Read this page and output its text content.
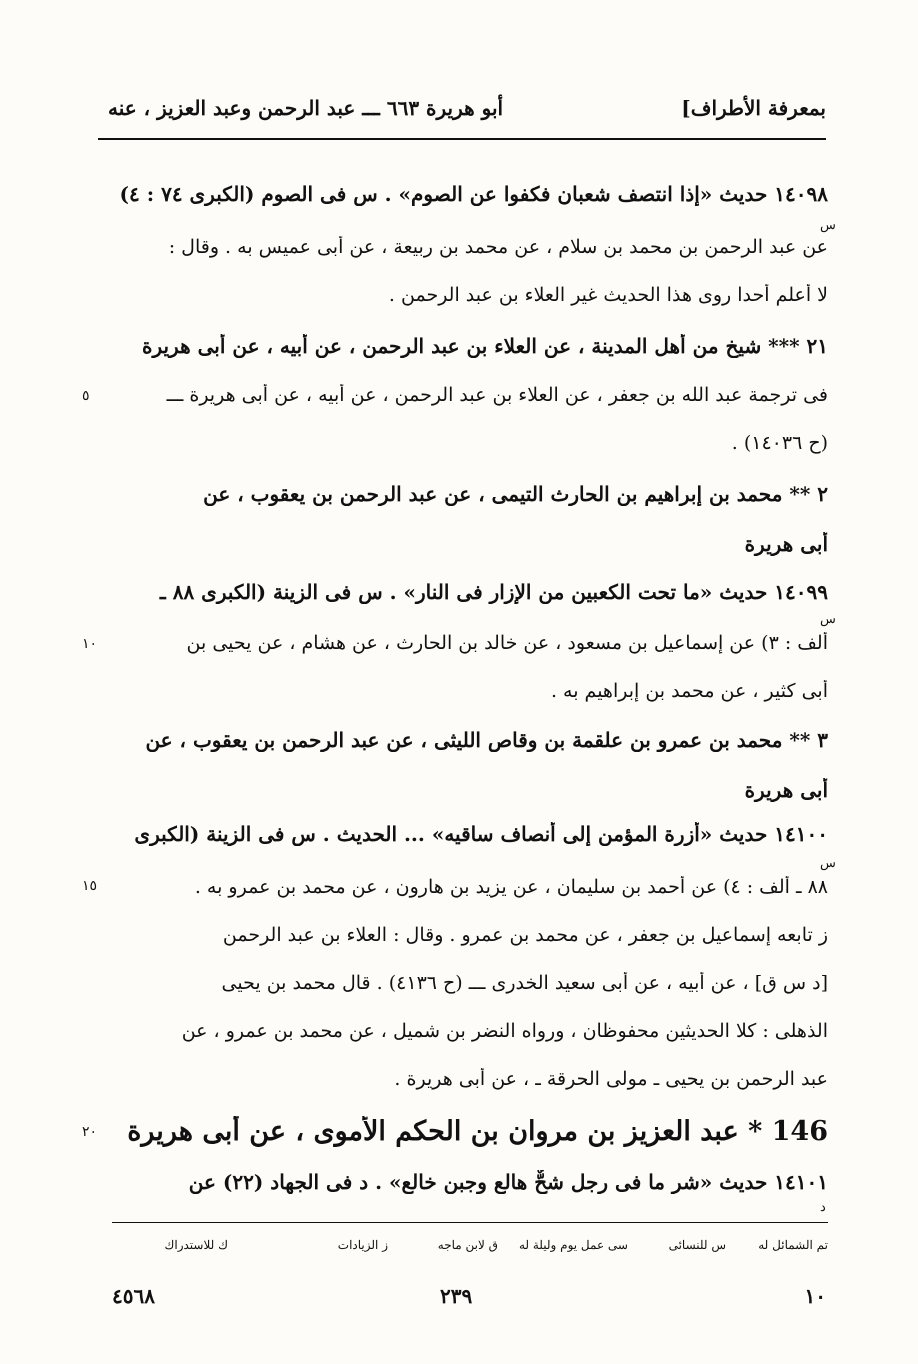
بمعرفة الأطراف]
أبو هريرة ٦٦٣ ـــ عبد الرحمن وعبد العزيز ، عنه
١٤٠٩٨ حديث «إذا انتصف شعبان فكفوا عن الصوم» . س فى الصوم (الكبرى ٧٤ : ٤)
عن عبد الرحمن بن محمد بن سلام ، عن محمد بن ربيعة ، عن أبى عميس به . وقال :
لا أعلم أحدا روى هذا الحديث غير العلاء بن عبد الرحمن .
٢١ *** شيخ من أهل المدينة ، عن العلاء بن عبد الرحمن ، عن أبيه ، عن أبى هريرة
فى ترجمة عبد الله بن جعفر ، عن العلاء بن عبد الرحمن ، عن أبيه ، عن أبى هريرة ـــ
(ح ١٤٠٣٦) .
٢ ** محمد بن إبراهيم بن الحارث التيمى ، عن عبد الرحمن بن يعقوب ، عن
أبى هريرة
١٤٠٩٩ حديث «ما تحت الكعبين من الإزار فى النار» . س فى الزينة (الكبرى ٨٨ ـ
ألف : ٣) عن إسماعيل بن مسعود ، عن خالد بن الحارث ، عن هشام ، عن يحيى بن
أبى كثير ، عن محمد بن إبراهيم به .
٣ ** محمد بن عمرو بن علقمة بن وقاص الليثى ، عن عبد الرحمن بن يعقوب ، عن
أبى هريرة
١٤١٠٠ حديث «أزرة المؤمن إلى أنصاف ساقيه» ... الحديث . س فى الزينة (الكبرى
٨٨ ـ ألف : ٤) عن أحمد بن سليمان ، عن يزيد بن هارون ، عن محمد بن عمرو به .
ز تابعه إسماعيل بن جعفر ، عن محمد بن عمرو . وقال : العلاء بن عبد الرحمن
[د س ق] ، عن أبيه ، عن أبى سعيد الخدرى ـــ (ح ٤١٣٦) . قال محمد بن يحيى
الذهلى : كلا الحديثين محفوظان ، ورواه النضر بن شميل ، عن محمد بن عمرو ، عن
عبد الرحمن بن يحيى ـ مولى الحرقة ـ ، عن أبى هريرة .
146 * عبد العزيز بن مروان بن الحكم الأموى ، عن أبى هريرة
١٤١٠١ حديث «شر ما فى رجل شحٌّ هالع وجبن خالع» . د فى الجهاد (٢٢) عن
٥
١٠
١٥
٢٠
س
س
س
د
تم الشمائل له
س للنسائى
سى عمل يوم وليلة له
ق لابن ماجه
ز الزيادات
ك للاستدراك
١٠
٢٣٩
٤٥٦٨
